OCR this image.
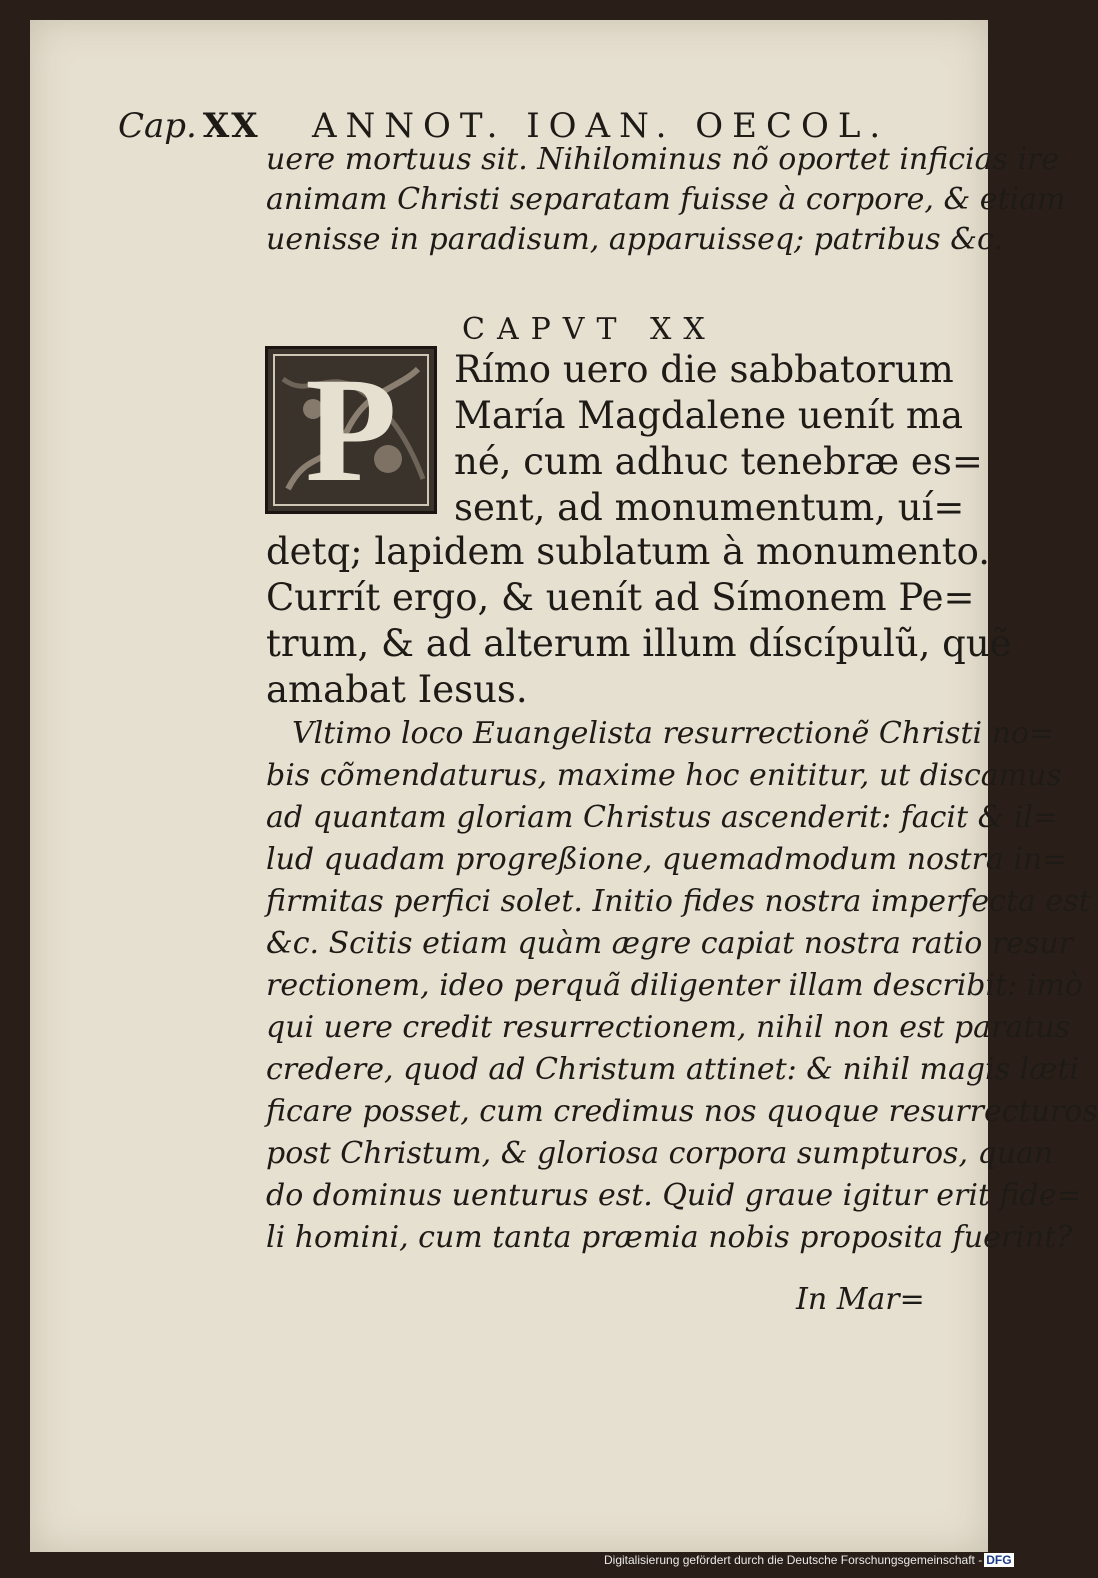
Cap. XX ANNOT. IOAN. OECOL.
uere mortuus sit. Nihilominus nõ oportet inficias ire
animam Christi separatam fuisse à corpore, & etiam
uenisse in paradisum, apparuisseq; patribus &c.
CAPVT XX
P Rímo uero die sabbatorum
María Magdalene uenít ma
né, cum adhuc tenebræ es=
sent, ad monumentum, uí=
detq; lapidem sublatum à monumento.
Currít ergo, & uenít ad Símonem Pe=
trum, & ad alterum illum díscípulũ, quẽ
amabat Iesus.
Vltimo loco Euangelista resurrectionẽ Christi no=
bis cõmendaturus, maxime hoc enititur, ut discamus
ad quantam gloriam Christus ascenderit: facit & il=
lud quadam progreßione, quemadmodum nostra in=
firmitas perfici solet. Initio fides nostra imperfecta est
&c. Scitis etiam quàm ægre capiat nostra ratio resur
rectionem, ideo perquã diligenter illam describit: imò
qui uere credit resurrectionem, nihil non est paratus
credere, quod ad Christum attinet: & nihil magis læti
ficare posset, cum credimus nos quoque resurrecturos
post Christum, & gloriosa corpora sumpturos, quan
do dominus uenturus est. Quid graue igitur erit fide=
li homini, cum tanta præmia nobis proposita fuerint?
In Mar=
Digitalisierung gefördert durch die Deutsche Forschungsgemeinschaft - DFG
